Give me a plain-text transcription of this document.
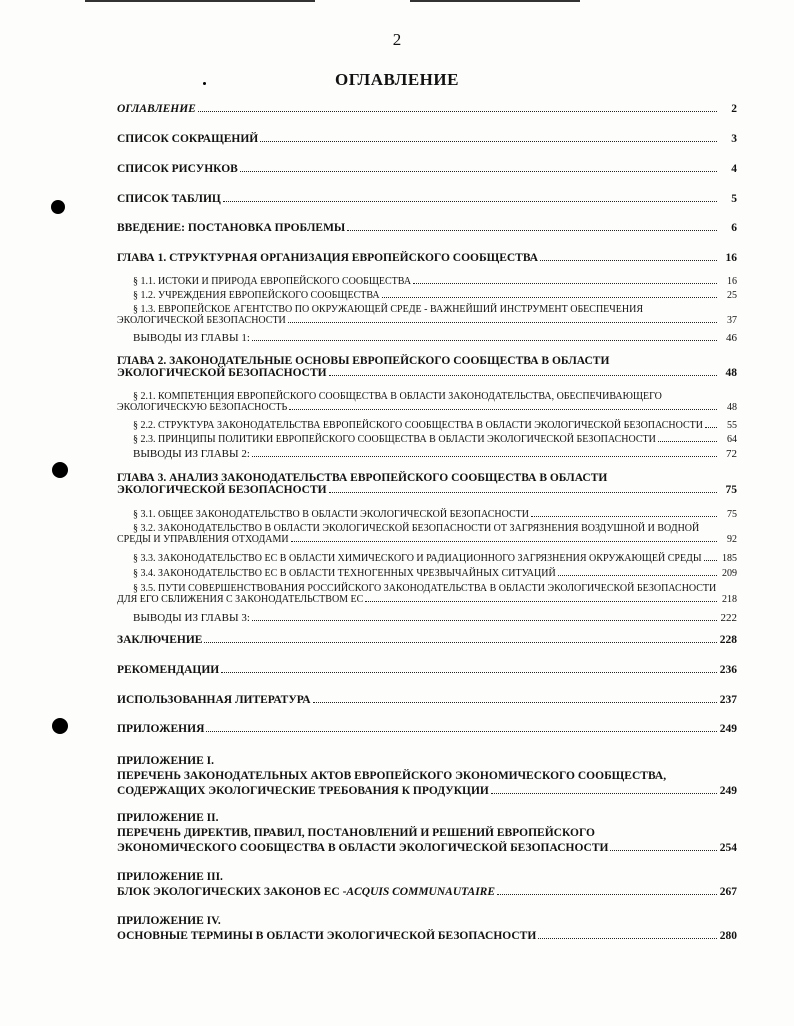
2
ОГЛАВЛЕНИЕ
ОГЛАВЛЕНИЕ	2
СПИСОК СОКРАЩЕНИЙ	3
СПИСОК РИСУНКОВ	4
СПИСОК ТАБЛИЦ	5
ВВЕДЕНИЕ: ПОСТАНОВКА ПРОБЛЕМЫ	6
ГЛАВА 1. СТРУКТУРНАЯ ОРГАНИЗАЦИЯ ЕВРОПЕЙСКОГО СООБЩЕСТВА	16
§ 1.1. ИСТОКИ И ПРИРОДА ЕВРОПЕЙСКОГО СООБЩЕСТВА	16
§ 1.2. УЧРЕЖДЕНИЯ ЕВРОПЕЙСКОГО СООБЩЕСТВА	25
§ 1.3. ЕВРОПЕЙСКОЕ АГЕНТСТВО ПО ОКРУЖАЮЩЕЙ СРЕДЕ - ВАЖНЕЙШИЙ ИНСТРУМЕНТ ОБЕСПЕЧЕНИЯ
ЭКОЛОГИЧЕСКОЙ БЕЗОПАСНОСТИ	37
ВЫВОДЫ ИЗ ГЛАВЫ 1:	46
ГЛАВА 2. ЗАКОНОДАТЕЛЬНЫЕ ОСНОВЫ ЕВРОПЕЙСКОГО СООБЩЕСТВА В ОБЛАСТИ
ЭКОЛОГИЧЕСКОЙ БЕЗОПАСНОСТИ	48
§ 2.1. КОМПЕТЕНЦИЯ ЕВРОПЕЙСКОГО СООБЩЕСТВА В ОБЛАСТИ ЗАКОНОДАТЕЛЬСТВА, ОБЕСПЕЧИВАЮЩЕГО
ЭКОЛОГИЧЕСКУЮ БЕЗОПАСНОСТЬ	48
§ 2.2. СТРУКТУРА ЗАКОНОДАТЕЛЬСТВА ЕВРОПЕЙСКОГО СООБЩЕСТВА В ОБЛАСТИ ЭКОЛОГИЧЕСКОЙ БЕЗОПАСНОСТИ	55
§ 2.3. ПРИНЦИПЫ ПОЛИТИКИ ЕВРОПЕЙСКОГО СООБЩЕСТВА В ОБЛАСТИ ЭКОЛОГИЧЕСКОЙ БЕЗОПАСНОСТИ	64
ВЫВОДЫ ИЗ ГЛАВЫ 2:	72
ГЛАВА 3. АНАЛИЗ ЗАКОНОДАТЕЛЬСТВА ЕВРОПЕЙСКОГО СООБЩЕСТВА В ОБЛАСТИ
ЭКОЛОГИЧЕСКОЙ БЕЗОПАСНОСТИ	75
§ 3.1. ОБЩЕЕ ЗАКОНОДАТЕЛЬСТВО В ОБЛАСТИ ЭКОЛОГИЧЕСКОЙ БЕЗОПАСНОСТИ	75
§ 3.2. ЗАКОНОДАТЕЛЬСТВО В ОБЛАСТИ ЭКОЛОГИЧЕСКОЙ БЕЗОПАСНОСТИ ОТ ЗАГРЯЗНЕНИЯ ВОЗДУШНОЙ И ВОДНОЙ
СРЕДЫ И УПРАВЛЕНИЯ ОТХОДАМИ	92
§ 3.3. ЗАКОНОДАТЕЛЬСТВО ЕС В ОБЛАСТИ ХИМИЧЕСКОГО И РАДИАЦИОННОГО ЗАГРЯЗНЕНИЯ ОКРУЖАЮЩЕЙ СРЕДЫ	185
§ 3.4. ЗАКОНОДАТЕЛЬСТВО ЕС В ОБЛАСТИ ТЕХНОГЕННЫХ ЧРЕЗВЫЧАЙНЫХ СИТУАЦИЙ	209
§ 3.5. ПУТИ СОВЕРШЕНСТВОВАНИЯ РОССИЙСКОГО ЗАКОНОДАТЕЛЬСТВА В ОБЛАСТИ ЭКОЛОГИЧЕСКОЙ БЕЗОПАСНОСТИ
ДЛЯ ЕГО СБЛИЖЕНИЯ С ЗАКОНОДАТЕЛЬСТВОМ ЕС	218
ВЫВОДЫ ИЗ ГЛАВЫ 3:	222
ЗАКЛЮЧЕНИЕ	228
РЕКОМЕНДАЦИИ	236
ИСПОЛЬЗОВАННАЯ ЛИТЕРАТУРА	237
ПРИЛОЖЕНИЯ	249
ПРИЛОЖЕНИЕ I.
ПЕРЕЧЕНЬ ЗАКОНОДАТЕЛЬНЫХ АКТОВ ЕВРОПЕЙСКОГО ЭКОНОМИЧЕСКОГО СООБЩЕСТВА,
СОДЕРЖАЩИХ ЭКОЛОГИЧЕСКИЕ ТРЕБОВАНИЯ К ПРОДУКЦИИ	249
ПРИЛОЖЕНИЕ II.
ПЕРЕЧЕНЬ ДИРЕКТИВ, ПРАВИЛ, ПОСТАНОВЛЕНИЙ И РЕШЕНИЙ ЕВРОПЕЙСКОГО
ЭКОНОМИЧЕСКОГО СООБЩЕСТВА В ОБЛАСТИ ЭКОЛОГИЧЕСКОЙ БЕЗОПАСНОСТИ	254
ПРИЛОЖЕНИЕ III.
БЛОК ЭКОЛОГИЧЕСКИХ ЗАКОНОВ ЕС - ACQUIS COMMUNAUTAIRE	267
ПРИЛОЖЕНИЕ IV.
ОСНОВНЫЕ ТЕРМИНЫ В ОБЛАСТИ ЭКОЛОГИЧЕСКОЙ БЕЗОПАСНОСТИ	280
